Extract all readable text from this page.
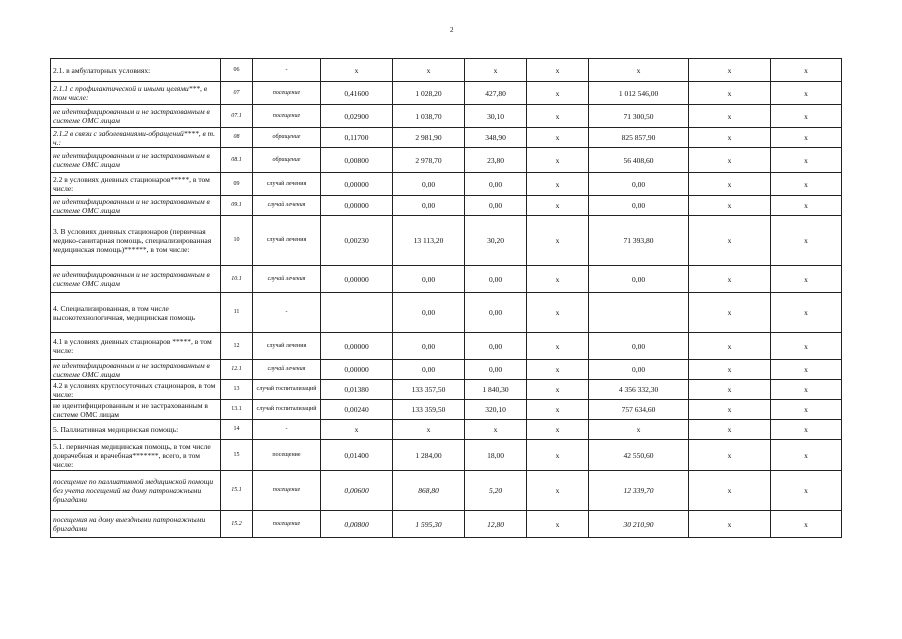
2
2.1. в амбулаторных условиях:	06	-	x	x	x	x	x	x	x
2.1.1 с профилактической и иными целями***, в том числе:	07	посещение	0,41600	1 028,20	427,80	x	1 012 546,00	x	x
не идентифицированным и не застрахованным в системе ОМС лицам	07.1	посещение	0,02900	1 038,70	30,10	x	71 300,50	x	x
2.1.2 в связи с заболеваниями-обращений****, в т. ч.:	08	обращение	0,11700	2 981,90	348,90	x	825 857,90	x	x
не идентифицированным и не застрахованным в системе ОМС лицам	08.1	обращение	0,00800	2 978,70	23,80	x	56 408,60	x	x
2.2 в условиях дневных стационаров*****, в том числе:	09	случай лечения	0,00000	0,00	0,00	x	0,00	x	x
не идентифицированным и не застрахованным в системе ОМС лицам	09.1	случай лечения	0,00000	0,00	0,00	x	0,00	x	x
3. В условиях дневных стационаров (первичная медико-санитарная помощь, специализированная медицинская помощь)******, в том числе:	10	случай лечения	0,00230	13 113,20	30,20	x	71 393,80	x	x
не идентифицированным и не застрахованным в системе ОМС лицам	10.1	случай лечения	0,00000	0,00	0,00	x	0,00	x	x
4. Специализированная, в том числе высокотехнологичная, медицинская помощь	11	-		0,00	0,00	x		x	x
4.1 в условиях дневных стационаров *****, в том числе:	12	случай лечения	0,00000	0,00	0,00	x	0,00	x	x
не идентифицированным и не застрахованным в системе ОМС лицам	12.1	случай лечения	0,00000	0,00	0,00	x	0,00	x	x
4.2 в условиях круглосуточных стационаров, в том числе:	13	случай госпитализаций	0,01380	133 357,50	1 840,30	x	4 356 332,30	x	x
не идентифицированным и не застрахованным в системе ОМС лицам	13.1	случай госпитализаций	0,00240	133 359,50	320,10	x	757 634,60	x	x
5. Паллиативная медицинская помощь:	14	-	x	x	x	x	x	x	x
5.1. первичная медицинская помощь, в том числе доврачебная и врачебная*******, всего, в том числе:	15	посещение	0,01400	1 284,00	18,00	x	42 550,60	x	x
посещение по паллиативной медицинской помощи без учета посещений на дому патронажными бригадами	15.1	посещение	0,00600	868,80	5,20	x	12 339,70	x	x
посещения на дому выездными патронажными бригадами	15.2	посещение	0,00800	1 595,30	12,80	x	30 210,90	x	x
